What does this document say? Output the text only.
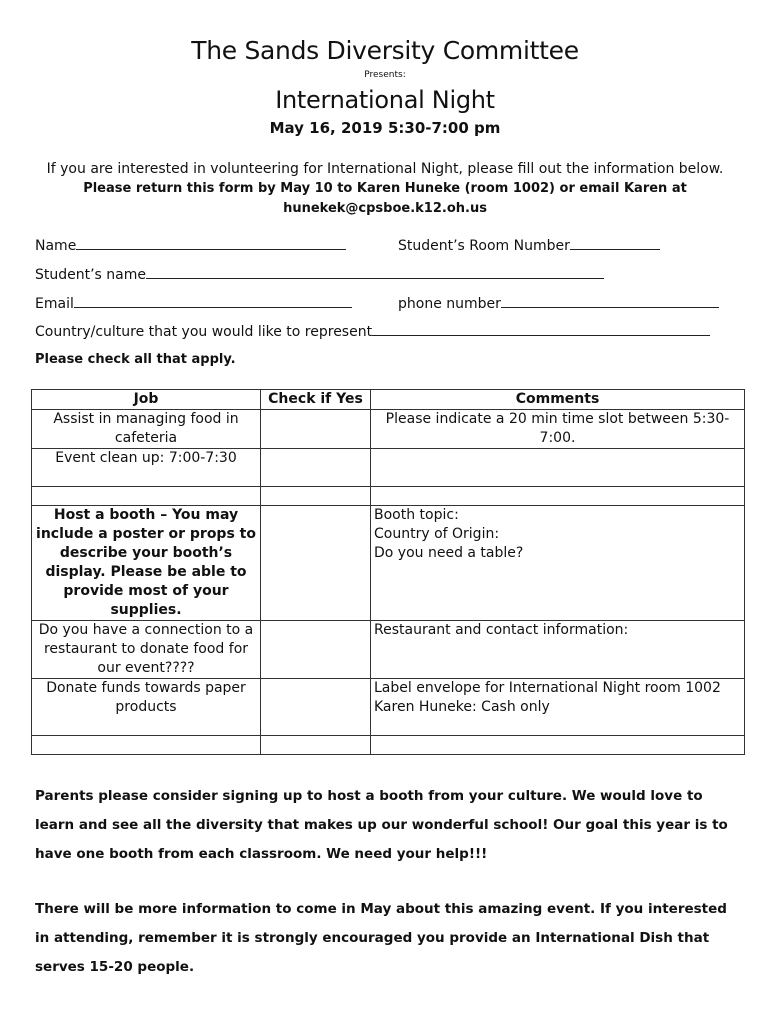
The Sands Diversity Committee
Presents:
International Night
May 16, 2019 5:30-7:00 pm
If you are interested in volunteering for International Night, please fill out the information below.
Please return this form by May 10 to Karen Huneke (room 1002) or email Karen at
hunekek@cpsboe.k12.oh.us
Name	Student’s Room Number
Student’s name
Email	phone number
Country/culture that you would like to represent
Please check all that apply.
Job	Check if Yes	Comments
Assist in managing food in cafeteria		Please indicate a 20 min time slot between 5:30-7:00.
Event clean up: 7:00-7:30		

Host a booth – You may include a poster or props to describe your booth’s display. Please be able to provide most of your supplies.		Booth topic:
Country of Origin:
Do you need a table?

Do you have a connection to a restaurant to donate food for our event????		Restaurant and contact information:
Donate funds towards paper products		Label envelope for International Night room 1002
Karen Huneke: Cash only

Parents please consider signing up to host a booth from your culture. We would love to learn and see all the diversity that makes up our wonderful school! Our goal this year is to have one booth from each classroom. We need your help!!!
There will be more information to come in May about this amazing event. If you interested in attending, remember it is strongly encouraged you provide an International Dish that serves 15-20 people.
